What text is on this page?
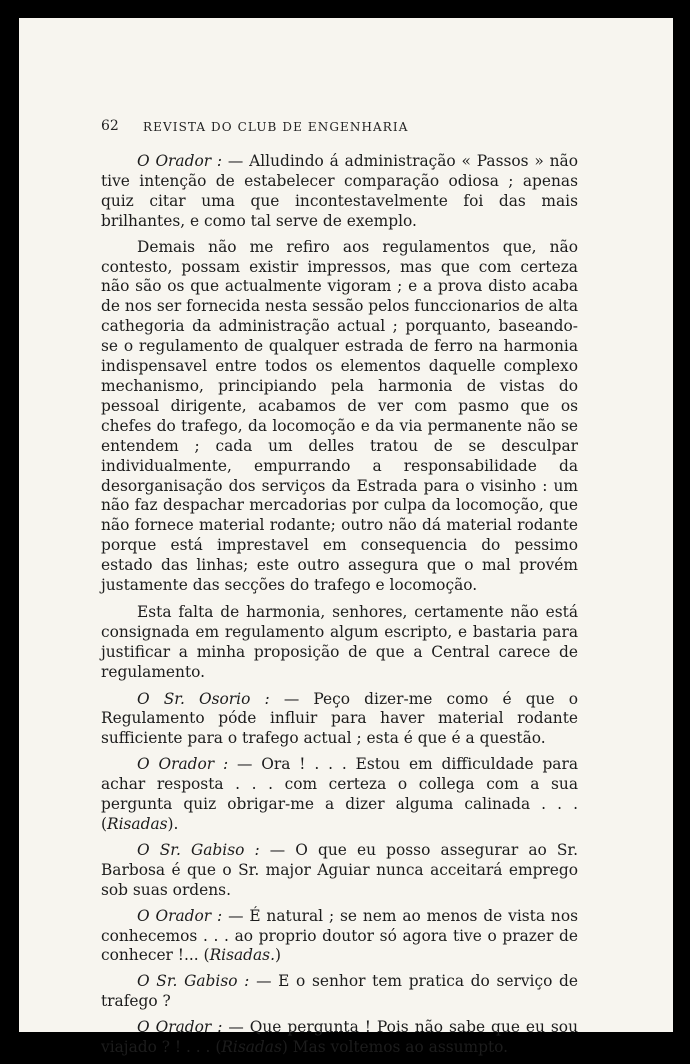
62 REVISTA DO CLUB DE ENGENHARIA

O Orador : — Alludindo á administração « Passos » não tive intenção de estabelecer comparação odiosa ; apenas quiz citar uma que incontestavelmente foi das mais brilhantes, e como tal serve de exemplo.

Demais não me refiro aos regulamentos que, não contesto, possam existir impressos, mas que com certeza não são os que actualmente vigoram ; e a prova disto acaba de nos ser fornecida nesta sessão pelos funccionarios de alta cathegoria da administração actual ; porquanto, baseando-se o regulamento de qualquer estrada de ferro na harmonia indispensavel entre todos os elementos daquelle complexo mechanismo, principiando pela harmonia de vistas do pessoal dirigente, acabamos de ver com pasmo que os chefes do trafego, da locomoção e da via permanente não se entendem ; cada um delles tratou de se desculpar individualmente, empurrando a responsabilidade da desorganisação dos serviços da Estrada para o visinho : um não faz despachar mercadorias por culpa da locomoção, que não fornece material rodante; outro não dá material rodante porque está imprestavel em consequencia do pessimo estado das linhas; este outro assegura que o mal provém justamente das secções do trafego e locomoção.

Esta falta de harmonia, senhores, certamente não está consignada em regulamento algum escripto, e bastaria para justificar a minha proposição de que a Central carece de regulamento.

O Sr. Osorio : — Peço dizer-me como é que o Regulamento póde influir para haver material rodante sufficiente para o trafego actual ; esta é que é a questão.

O Orador : — Ora ! . . . Estou em difficuldade para achar resposta . . . com certeza o collega com a sua pergunta quiz obrigar-me a dizer alguma calinada . . . (Risadas).

O Sr. Gabiso : — O que eu posso assegurar ao Sr. Barbosa é que o Sr. major Aguiar nunca acceitará emprego sob suas ordens.

O Orador : — É natural ; se nem ao menos de vista nos conhecemos . . . ao proprio doutor só agora tive o prazer de conhecer !... (Risadas.)

O Sr. Gabiso : — E o senhor tem pratica do serviço de trafego ?

O Orador : — Que pergunta ! Pois não sabe que eu sou viajado ? ! . . . (Risadas) Mas voltemos ao assumpto.
